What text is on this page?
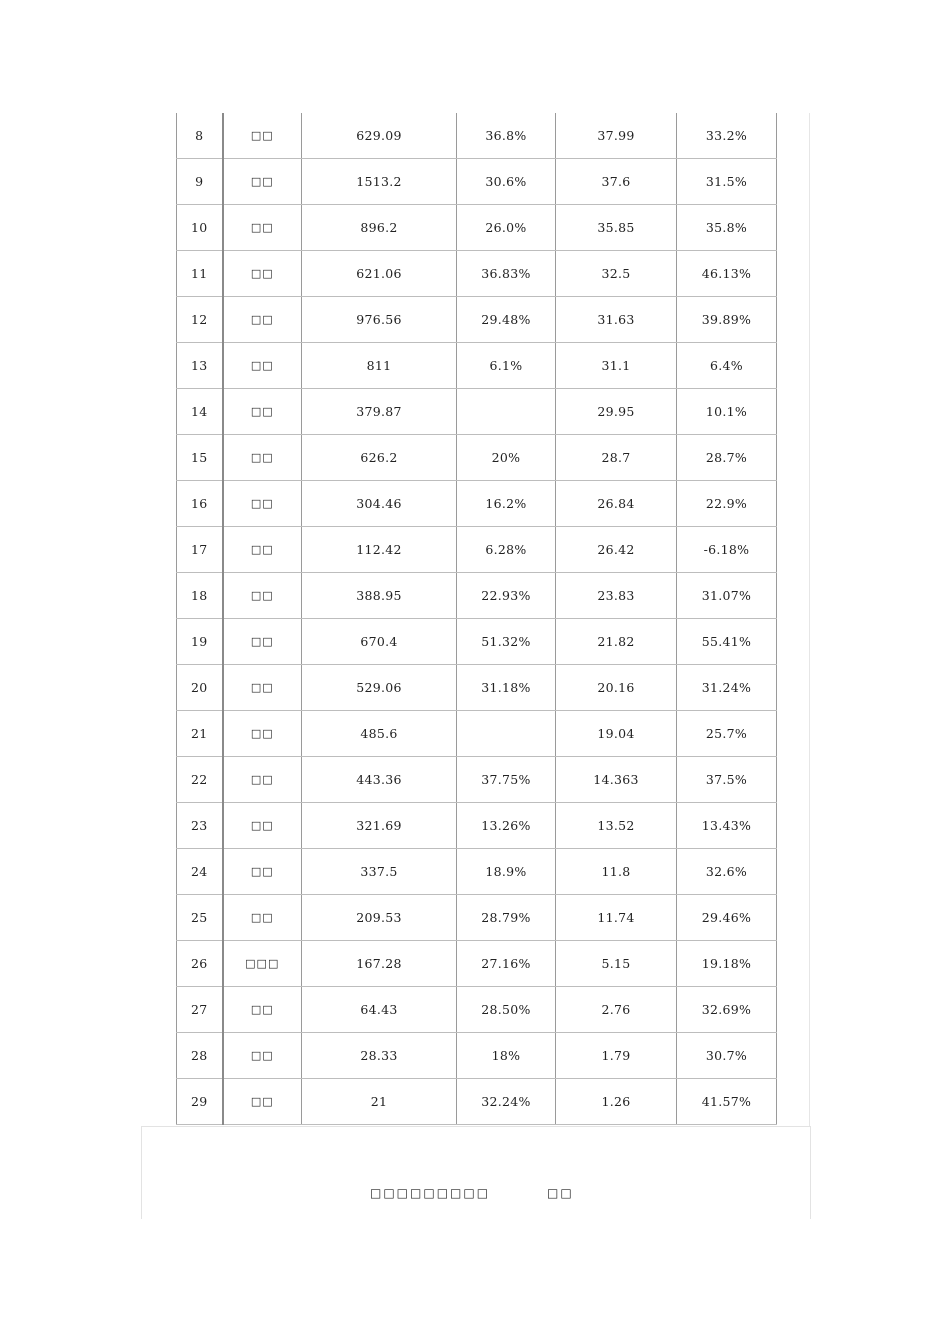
8	□□	629.09	36.8%	37.99	33.2%
9	□□	1513.2	30.6%	37.6	31.5%
10	□□	896.2	26.0%	35.85	35.8%
11	□□	621.06	36.83%	32.5	46.13%
12	□□	976.56	29.48%	31.63	39.89%
13	□□	811	6.1%	31.1	6.4%
14	□□	379.87		29.95	10.1%
15	□□	626.2	20%	28.7	28.7%
16	□□	304.46	16.2%	26.84	22.9%
17	□□	112.42	6.28%	26.42	-6.18%
18	□□	388.95	22.93%	23.83	31.07%
19	□□	670.4	51.32%	21.82	55.41%
20	□□	529.06	31.18%	20.16	31.24%
21	□□	485.6		19.04	25.7%
22	□□	443.36	37.75%	14.363	37.5%
23	□□	321.69	13.26%	13.52	13.43%
24	□□	337.5	18.9%	11.8	32.6%
25	□□	209.53	28.79%	11.74	29.46%
26	□□□	167.28	27.16%	5.15	19.18%
27	□□	64.43	28.50%	2.76	32.69%
28	□□	28.33	18%	1.79	30.7%
29	□□	21	32.24%	1.26	41.57%
□□□□□□□□□	□□
